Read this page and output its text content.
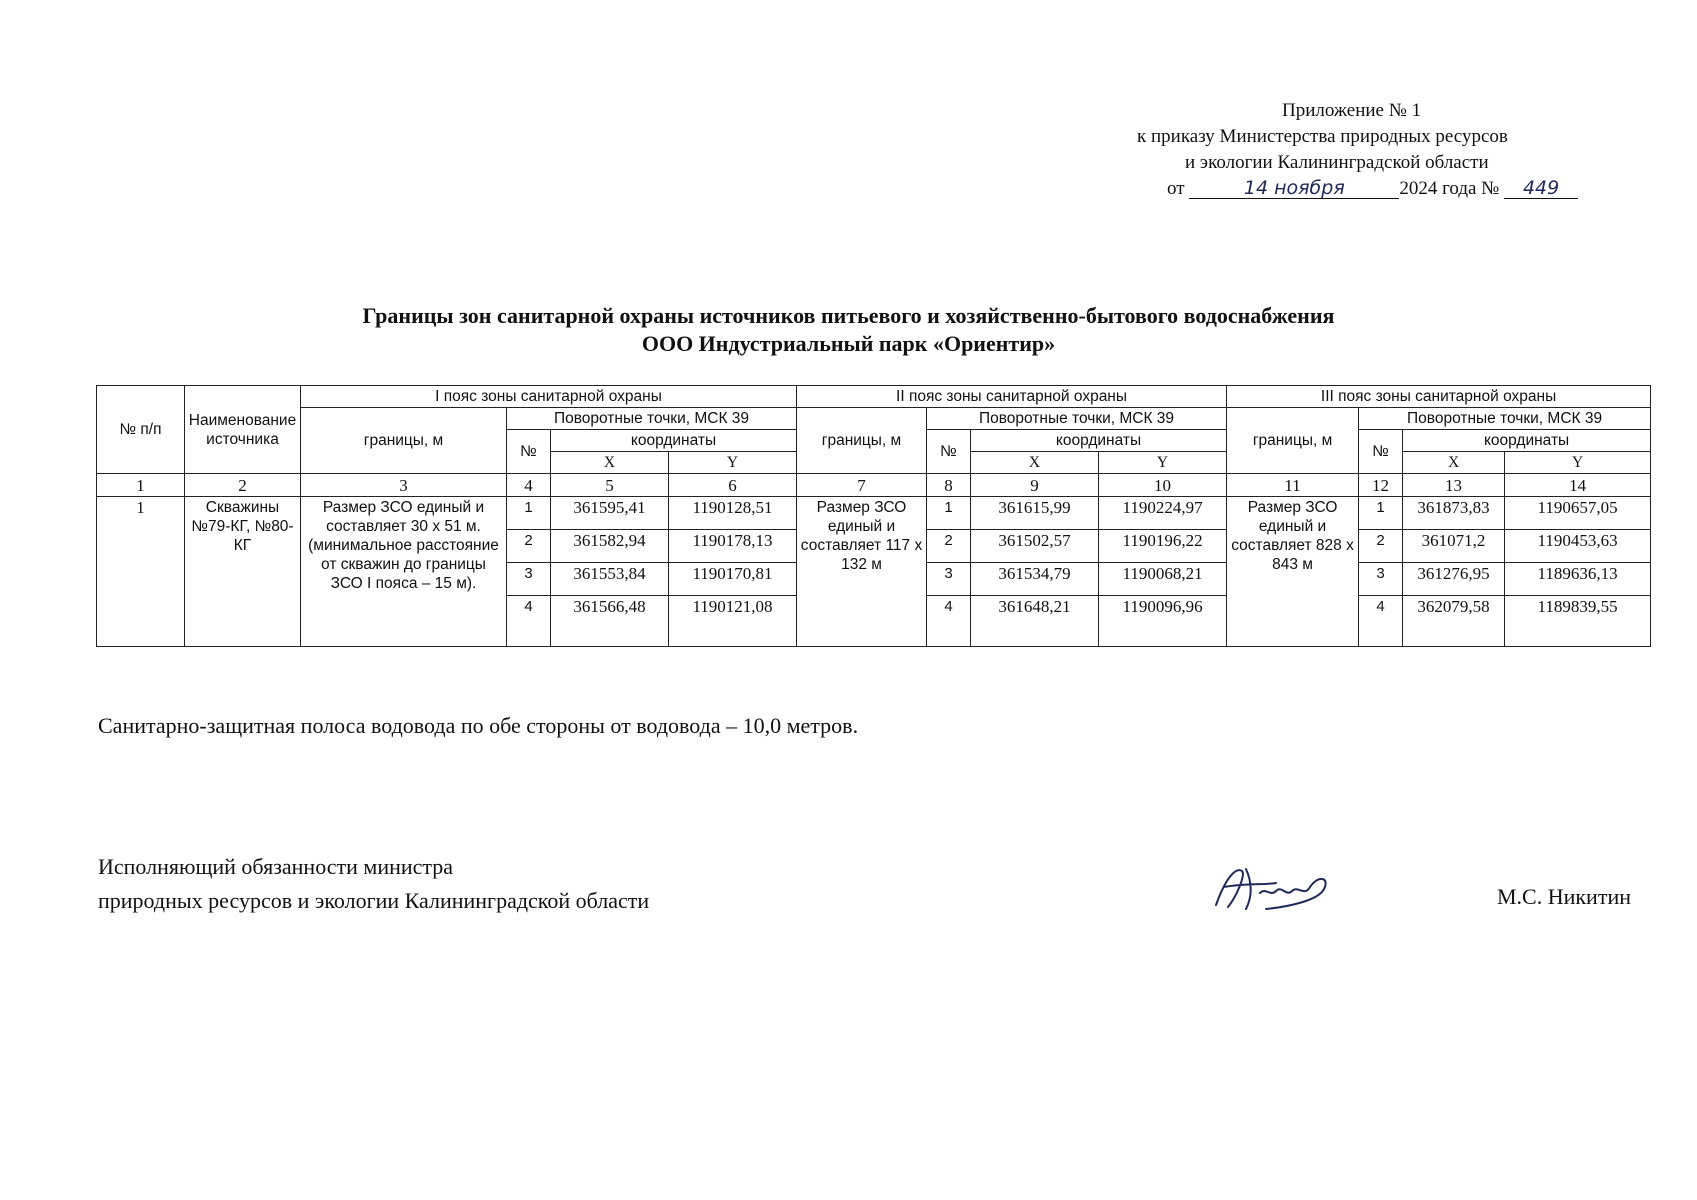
Приложение № 1
к приказу Министерства природных ресурсов
и экологии Калининградской области
от	14 ноября	2024 года № 449
Границы зон санитарной охраны источников питьевого и хозяйственно-бытового водоснабжения
ООО Индустриальный парк «Ориентир»
№ п/п	Наименование источника	I пояс зоны санитарной охраны				II пояс зоны санитарной охраны				III пояс зоны санитарной охраны			
		границы, м	Поворотные точки, МСК 39			границы, м	Поворотные точки, МСК 39			границы, м	Поворотные точки, МСК 39		
			№	координаты			№	координаты			№	координаты	
				Х	Y			Х	Y			Х	Y
1	2	3	4	5	6	7	8	9	10	11	12	13	14
1	Скважины №79-КГ, №80-КГ	Размер ЗСО единый и составляет 30 х 51 м.(минимальное расстояние от скважин до границы ЗСО I пояса – 15 м).	1	361595,41	1190128,51	Размер ЗСО единый и составляет 117 х 132 м	1	361615,99	1190224,97	Размер ЗСО единый и составляет 828 х 843 м	1	361873,83	1190657,05
			2	361582,94	1190178,13		2	361502,57	1190196,22		2	361071,2	1190453,63
			3	361553,84	1190170,81		3	361534,79	1190068,21		3	361276,95	1189636,13
			4	361566,48	1190121,08		4	361648,21	1190096,96		4	362079,58	1189839,55
Санитарно-защитная полоса водовода по обе стороны от водовода – 10,0 метров.
Исполняющий обязанности министра
природных ресурсов и экологии Калининградской области	М.С. Никитин
